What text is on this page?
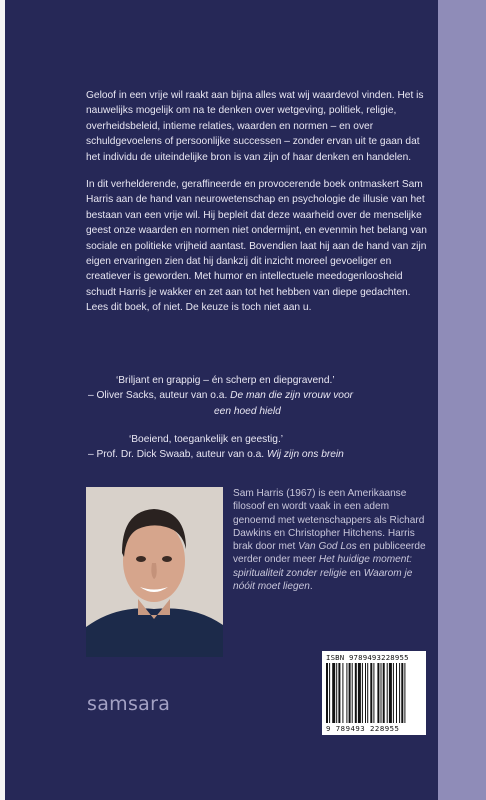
Geloof in een vrije wil raakt aan bijna alles wat wij waardevol vinden. Het is nauwelijks mogelijk om na te denken over wetgeving, politiek, religie, overheidsbeleid, intieme relaties, waarden en normen – en over schuldgevoelens of persoonlijke successen – zonder ervan uit te gaan dat het individu de uiteindelijke bron is van zijn of haar denken en handelen.

In dit verhelderende, geraffineerde en provocerende boek ontmaskert Sam Harris aan de hand van neurowetenschap en psychologie de illusie van het bestaan van een vrije wil. Hij bepleit dat deze waarheid over de menselijke geest onze waarden en normen niet ondermijnt, en evenmin het belang van sociale en politieke vrijheid aantast. Bovendien laat hij aan de hand van zijn eigen ervaringen zien dat hij dankzij dit inzicht moreel gevoeliger en creatiever is geworden. Met humor en intellectuele meedogenloosheid schudt Harris je wakker en zet aan tot het hebben van diepe gedachten. Lees dit boek, of niet. De keuze is toch niet aan u.

‘Briljant en grappig – én scherp en diepgravend.’
– Oliver Sacks, auteur van o.a. De man die zijn vrouw voor
een hoed hield
‘Boeiend, toegankelijk en geestig.’
– Prof. Dr. Dick Swaab, auteur van o.a. Wij zijn ons brein

Sam Harris (1967) is een Amerikaanse filosoof en wordt vaak in een adem genoemd met wetenschappers als Richard Dawkins en Christopher Hitchens. Harris brak door met Van God Los en publiceerde verder onder meer Het huidige moment: spiritualiteit zonder religie en Waarom je nóóit moet liegen.

samsara
ISBN 9789493228955
9 789493 228955
